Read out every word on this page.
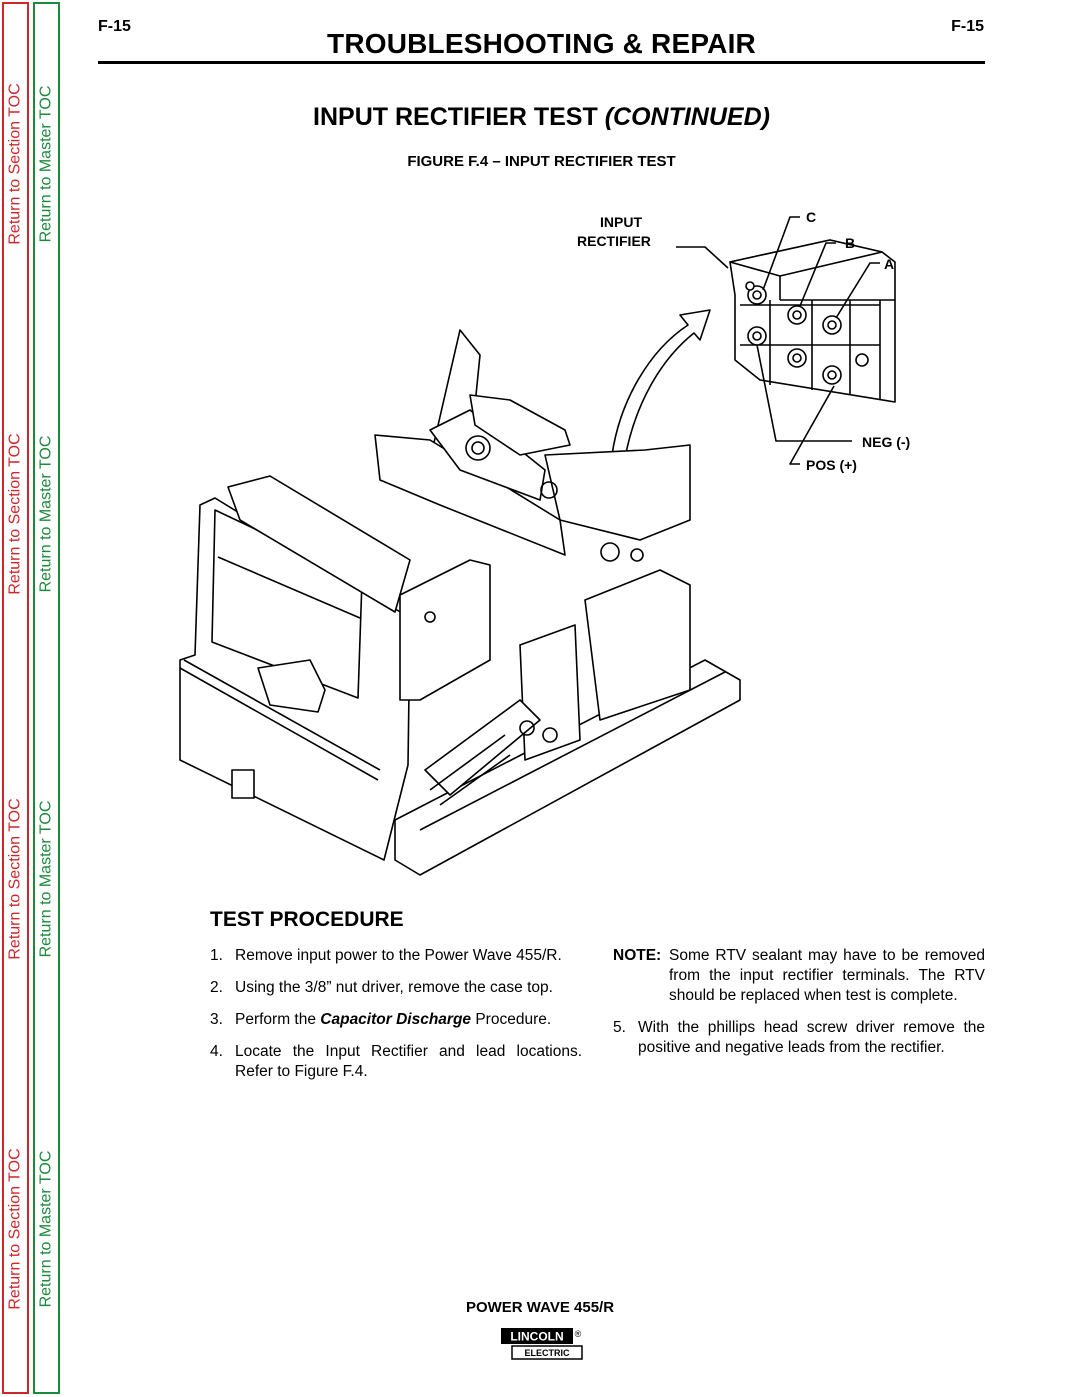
Return to Section TOC
Return to Section TOC
Return to Section TOC
Return to Section TOC
Return to Master TOC
Return to Master TOC
Return to Master TOC
Return to Master TOC
F-15	F-15
TROUBLESHOOTING & REPAIR
INPUT RECTIFIER TEST (CONTINUED)
FIGURE F.4 – INPUT RECTIFIER TEST
INPUT
RECTIFIER
C
B
A
NEG (-)
POS (+)
TEST PROCEDURE
1. Remove input power to the Power Wave 455/R.
2. Using the 3/8” nut driver, remove the case top.
3. Perform the Capacitor Discharge Procedure.
4. Locate the Input Rectifier and lead locations. Refer to Figure F.4.
NOTE: Some RTV sealant may have to be removed from the input rectifier terminals. The RTV should be replaced when test is complete.
5. With the phillips head screw driver remove the positive and negative leads from the rectifier.
POWER WAVE 455/R
LINCOLN ®
ELECTRIC
